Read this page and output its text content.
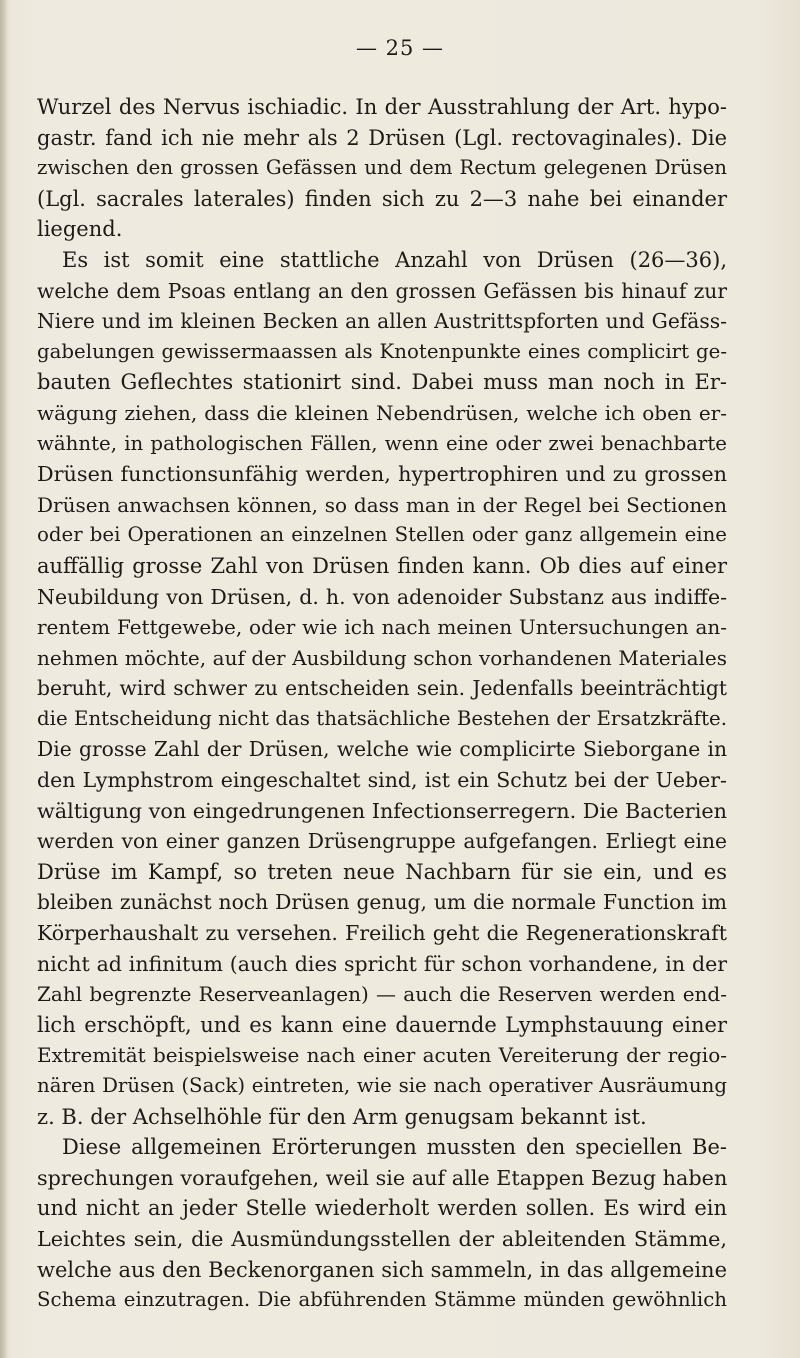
— 25 —
Wurzel des Nervus ischiadic. In der Ausstrahlung der Art. hypo-
gastr. fand ich nie mehr als 2 Drüsen (Lgl. rectovaginales). Die
zwischen den grossen Gefässen und dem Rectum gelegenen Drüsen
(Lgl. sacrales laterales) finden sich zu 2—3 nahe bei einander
liegend.
Es ist somit eine stattliche Anzahl von Drüsen (26—36),
welche dem Psoas entlang an den grossen Gefässen bis hinauf zur
Niere und im kleinen Becken an allen Austrittspforten und Gefäss-
gabelungen gewissermaassen als Knotenpunkte eines complicirt ge-
bauten Geflechtes stationirt sind. Dabei muss man noch in Er-
wägung ziehen, dass die kleinen Nebendrüsen, welche ich oben er-
wähnte, in pathologischen Fällen, wenn eine oder zwei benachbarte
Drüsen functionsunfähig werden, hypertrophiren und zu grossen
Drüsen anwachsen können, so dass man in der Regel bei Sectionen
oder bei Operationen an einzelnen Stellen oder ganz allgemein eine
auffällig grosse Zahl von Drüsen finden kann. Ob dies auf einer
Neubildung von Drüsen, d. h. von adenoider Substanz aus indiffe-
rentem Fettgewebe, oder wie ich nach meinen Untersuchungen an-
nehmen möchte, auf der Ausbildung schon vorhandenen Materiales
beruht, wird schwer zu entscheiden sein. Jedenfalls beeinträchtigt
die Entscheidung nicht das thatsächliche Bestehen der Ersatzkräfte.
Die grosse Zahl der Drüsen, welche wie complicirte Sieborgane in
den Lymphstrom eingeschaltet sind, ist ein Schutz bei der Ueber-
wältigung von eingedrungenen Infectionserregern. Die Bacterien
werden von einer ganzen Drüsengruppe aufgefangen. Erliegt eine
Drüse im Kampf, so treten neue Nachbarn für sie ein, und es
bleiben zunächst noch Drüsen genug, um die normale Function im
Körperhaushalt zu versehen. Freilich geht die Regenerationskraft
nicht ad infinitum (auch dies spricht für schon vorhandene, in der
Zahl begrenzte Reserveanlagen) — auch die Reserven werden end-
lich erschöpft, und es kann eine dauernde Lymphstauung einer
Extremität beispielsweise nach einer acuten Vereiterung der regio-
nären Drüsen (Sack) eintreten, wie sie nach operativer Ausräumung
z. B. der Achselhöhle für den Arm genugsam bekannt ist.
Diese allgemeinen Erörterungen mussten den speciellen Be-
sprechungen voraufgehen, weil sie auf alle Etappen Bezug haben
und nicht an jeder Stelle wiederholt werden sollen. Es wird ein
Leichtes sein, die Ausmündungsstellen der ableitenden Stämme,
welche aus den Beckenorganen sich sammeln, in das allgemeine
Schema einzutragen. Die abführenden Stämme münden gewöhnlich
